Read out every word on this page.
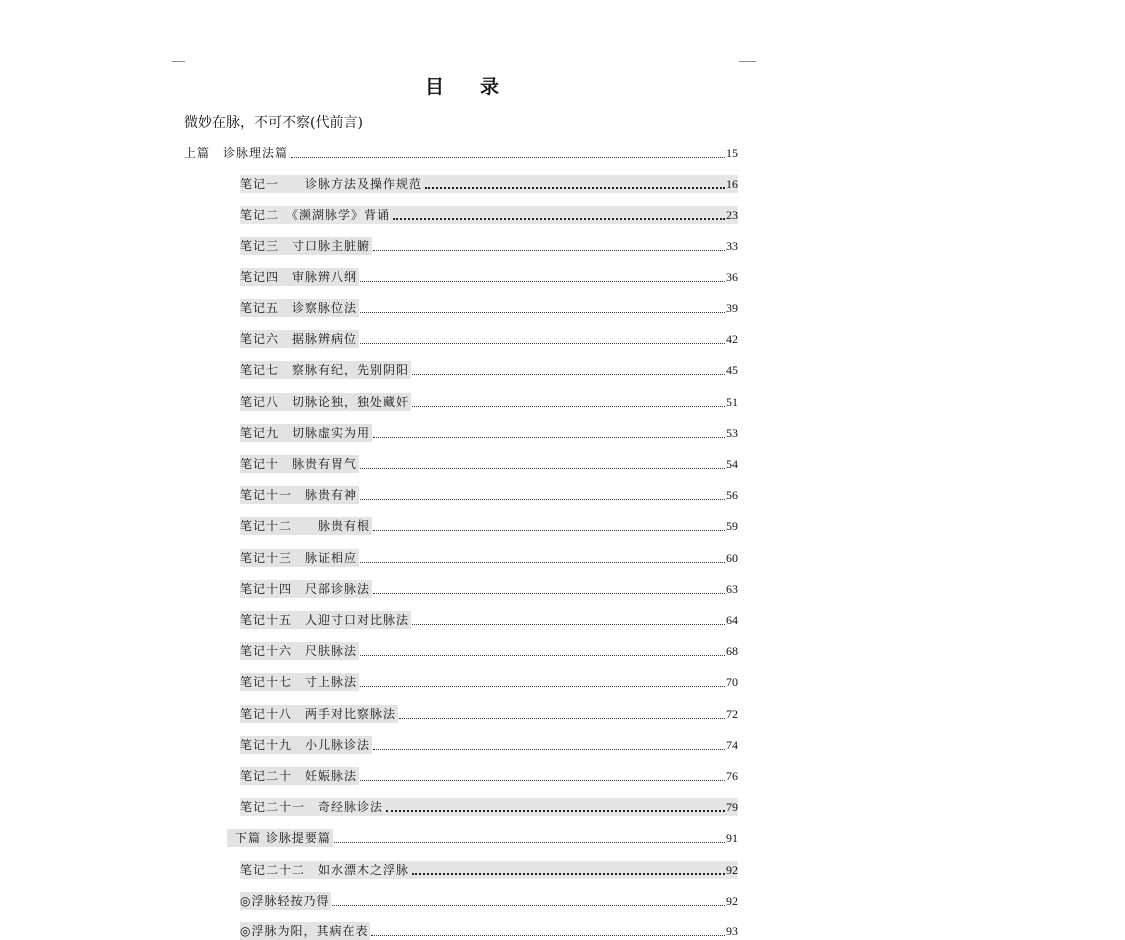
目 录
微妙在脉，不可不察(代前言)
上篇　诊脉理法篇	15
笔记一　　诊脉方法及操作规范	16
笔记二　《濒湖脉学》背诵	23
笔记三　寸口脉主脏腑	33
笔记四　审脉辨八纲	36
笔记五　诊察脉位法	39
笔记六　据脉辨病位	42
笔记七　察脉有纪，先别阴阳	45
笔记八　切脉论独，独处藏奸	51
笔记九　切脉虚实为用	53
笔记十　脉贵有胃气	54
笔记十一　脉贵有神	56
笔记十二　　脉贵有根	59
笔记十三　脉证相应	60
笔记十四　尺部诊脉法	63
笔记十五　人迎寸口对比脉法	64
笔记十六　尺肤脉法	68
笔记十七　寸上脉法	70
笔记十八　两手对比察脉法	72
笔记十九　小儿脉诊法	74
笔记二十　妊娠脉法	76
笔记二十一　奇经脉诊法	79
下篇 诊脉提要篇	91
笔记二十二　如水漂木之浮脉	92
◎浮脉轻按乃得	92
◎浮脉为阳，其病在表	93
